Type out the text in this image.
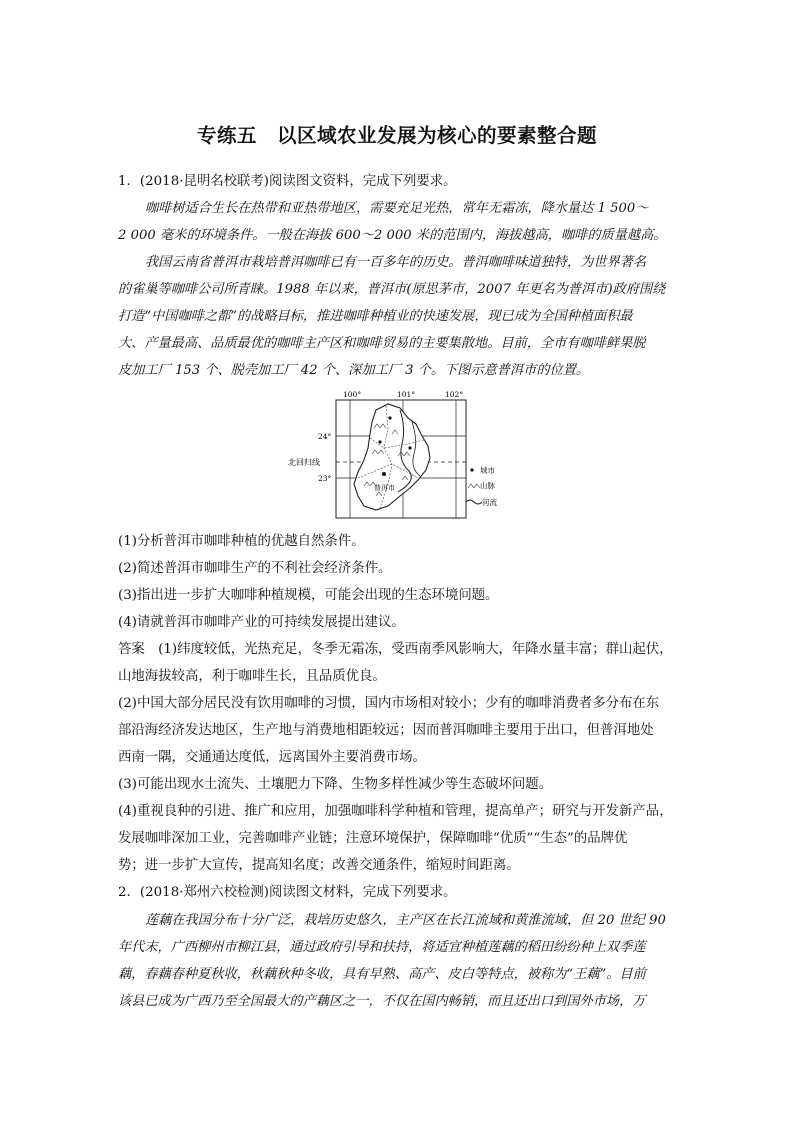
专练五　以区域农业发展为核心的要素整合题
1．(2018·昆明名校联考)阅读图文资料，完成下列要求。
咖啡树适合生长在热带和亚热带地区，需要充足光热，常年无霜冻，降水量达 1 500～
2 000 毫米的环境条件。一般在海拔 600～2 000 米的范围内，海拔越高，咖啡的质量越高。
我国云南省普洱市栽培普洱咖啡已有一百多年的历史。普洱咖啡味道独特，为世界著名
的雀巢等咖啡公司所青睐。1988 年以来，普洱市(原思茅市，2007 年更名为普洱市)政府围绕
打造“中国咖啡之都”的战略目标，推进咖啡种植业的快速发展，现已成为全国种植面积最
大、产量最高、品质最优的咖啡主产区和咖啡贸易的主要集散地。目前，全市有咖啡鲜果脱
皮加工厂 153 个、脱壳加工厂 42 个、深加工厂 3 个。下图示意普洱市的位置。
100°	101°	102°
24°
23°
北回归线
普洱市
城市
山脉
河流
(1)分析普洱市咖啡种植的优越自然条件。
(2)简述普洱市咖啡生产的不利社会经济条件。
(3)指出进一步扩大咖啡种植规模，可能会出现的生态环境问题。
(4)请就普洱市咖啡产业的可持续发展提出建议。
答案  (1)纬度较低，光热充足，冬季无霜冻，受西南季风影响大，年降水量丰富；群山起伏，
山地海拔较高，利于咖啡生长，且品质优良。
(2)中国大部分居民没有饮用咖啡的习惯，国内市场相对较小；少有的咖啡消费者多分布在东
部沿海经济发达地区，生产地与消费地相距较远；因而普洱咖啡主要用于出口，但普洱地处
西南一隅，交通通达度低，远离国外主要消费市场。
(3)可能出现水土流失、土壤肥力下降、生物多样性减少等生态破坏问题。
(4)重视良种的引进、推广和应用，加强咖啡科学种植和管理，提高单产；研究与开发新产品，
发展咖啡深加工业，完善咖啡产业链；注意环境保护，保障咖啡“优质”“生态”的品牌优
势；进一步扩大宣传，提高知名度；改善交通条件，缩短时间距离。
2．(2018·郑州六校检测)阅读图文材料，完成下列要求。
莲藕在我国分布十分广泛，栽培历史悠久，主产区在长江流域和黄淮流域，但 20 世纪 90
年代末，广西柳州市柳江县，通过政府引导和扶持，将适宜种植莲藕的稻田纷纷种上双季莲
藕，春藕春种夏秋收，秋藕秋种冬收，具有早熟、高产、皮白等特点，被称为“王藕”。目前
该县已成为广西乃至全国最大的产藕区之一，不仅在国内畅销，而且还出口到国外市场，万
